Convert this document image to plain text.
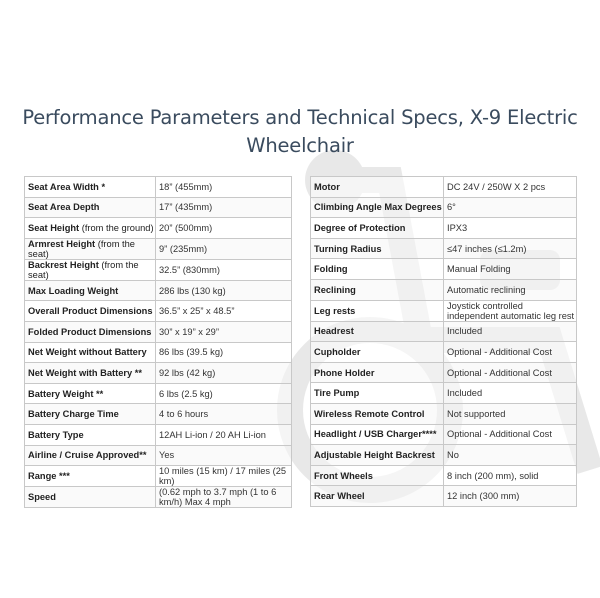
Performance Parameters and Technical Specs, X-9 Electric Wheelchair
Seat Area Width *	18” (455mm)
Seat Area Depth	17” (435mm)
Seat Height (from the ground)	20” (500mm)
Armrest Height (from the seat)	9” (235mm)
Backrest Height (from the seat)	32.5” (830mm)
Max Loading Weight	286 lbs (130 kg)
Overall Product Dimensions	36.5” x 25” x 48.5”
Folded Product Dimensions	30” x 19” x 29”
Net Weight without Battery	86 lbs (39.5 kg)
Net Weight with Battery **	92 lbs (42 kg)
Battery Weight **	6 lbs (2.5 kg)
Battery Charge Time	4 to 6 hours
Battery Type	12AH Li-ion / 20 AH Li-ion
Airline / Cruise Approved**	Yes
Range ***	10 miles (15 km) / 17 miles (25 km)
Speed	(0.62 mph to 3.7 mph (1 to 6 km/h) Max 4 mph
Motor	DC 24V / 250W X 2 pcs
Climbing Angle Max Degrees	6°
Degree of Protection	IPX3
Turning Radius	≤47 inches (≤1.2m)
Folding	Manual Folding
Reclining	Automatic reclining
Leg rests	Joystick controlled independent automatic leg rest
Headrest	Included
Cupholder	Optional - Additional Cost
Phone Holder	Optional - Additional Cost
Tire Pump	Included
Wireless Remote Control	Not supported
Headlight / USB Charger****	Optional - Additional Cost
Adjustable Height Backrest	No
Front Wheels	8 inch (200 mm), solid
Rear Wheel	12 inch (300 mm)
